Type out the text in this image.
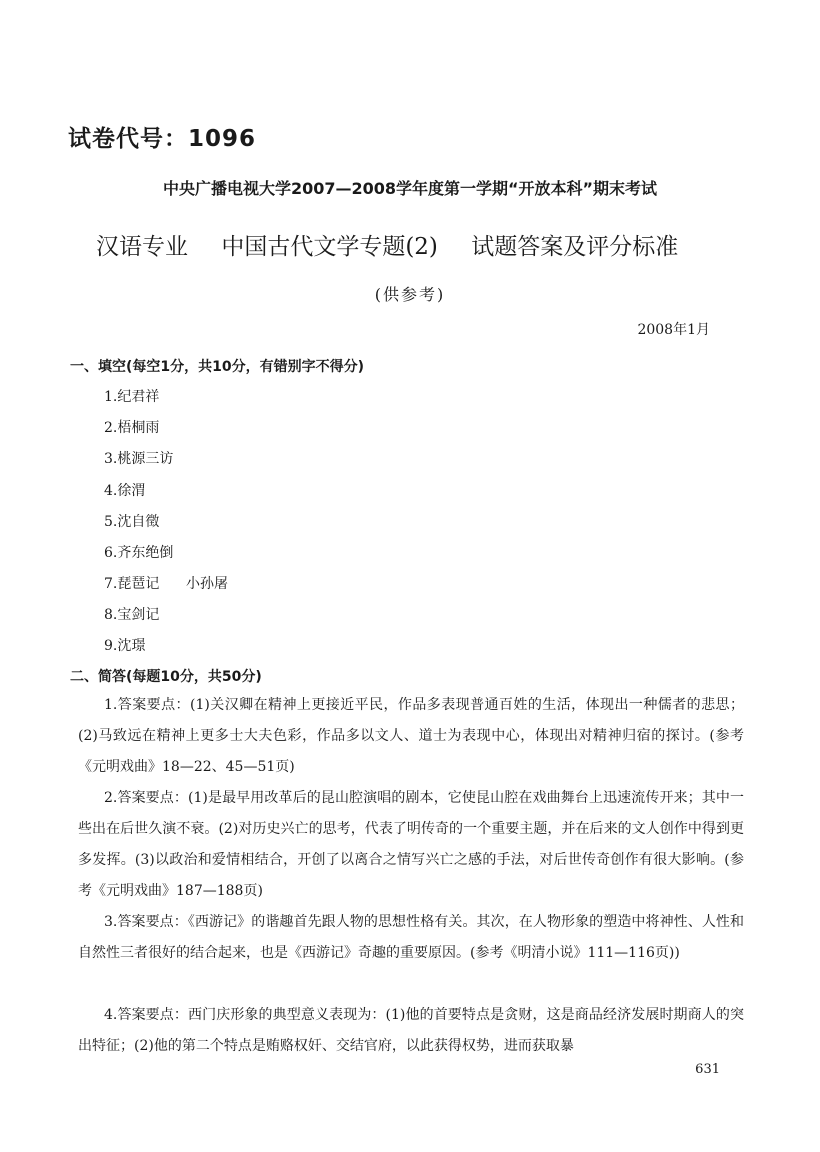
试卷代号：1096
中央广播电视大学2007—2008学年度第一学期“开放本科”期末考试
汉语专业 中国古代文学专题(2) 试题答案及评分标准
(供参考)
2008年1月
一、填空(每空1分，共10分，有错别字不得分)
1.纪君祥
2.梧桐雨
3.桃源三访
4.徐渭
5.沈自徵
6.齐东绝倒
7.琵琶记      小孙屠
8.宝剑记
9.沈璟
二、简答(每题10分，共50分)
1.答案要点：(1)关汉卿在精神上更接近平民，作品多表现普通百姓的生活，体现出一种儒者的悲思；(2)马致远在精神上更多士大夫色彩，作品多以文人、道士为表现中心，体现出对精神归宿的探讨。(参考《元明戏曲》18—22、45—51页)
2.答案要点：(1)是最早用改革后的昆山腔演唱的剧本，它使昆山腔在戏曲舞台上迅速流传开来；其中一些出在后世久演不衰。(2)对历史兴亡的思考，代表了明传奇的一个重要主题，并在后来的文人创作中得到更多发挥。(3)以政治和爱情相结合，开创了以离合之情写兴亡之感的手法，对后世传奇创作有很大影响。(参考《元明戏曲》187—188页)
3.答案要点：《西游记》的谐趣首先跟人物的思想性格有关。其次，在人物形象的塑造中将神性、人性和自然性三者很好的结合起来，也是《西游记》奇趣的重要原因。(参考《明清小说》111—116页))
4.答案要点：西门庆形象的典型意义表现为：(1)他的首要特点是贪财，这是商品经济发展时期商人的突出特征；(2)他的第二个特点是贿赂权奸、交结官府，以此获得权势，进而获取暴
631
